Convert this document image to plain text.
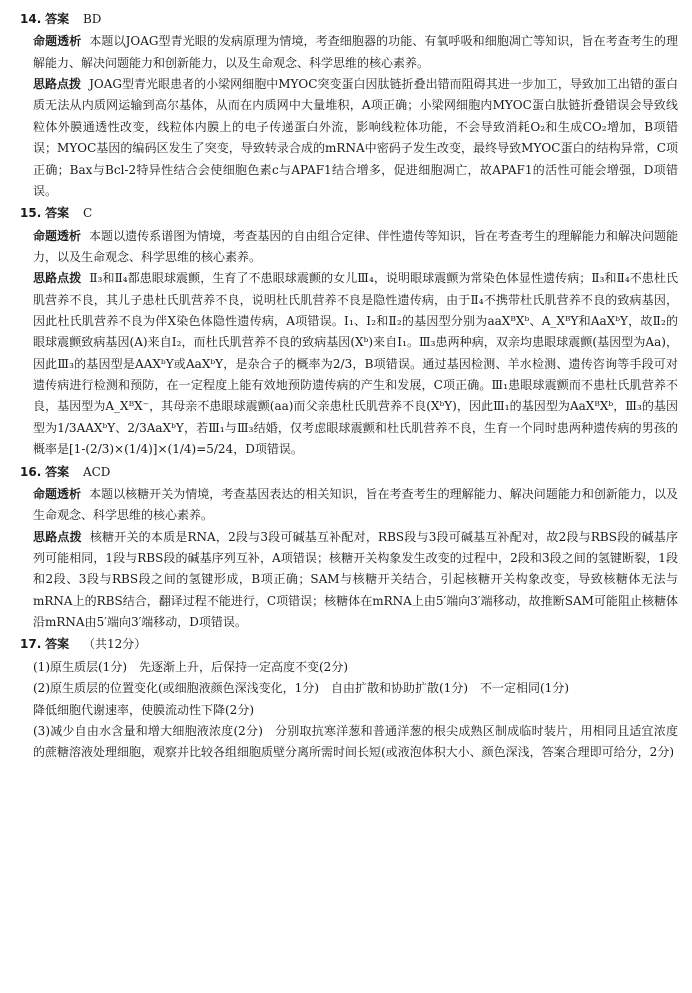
14. 答案 BD
命题透析 本题以JOAG型青光眼的发病原理为情境，考查细胞器的功能、有氧呼吸和细胞凋亡等知识，旨在考查考生的理解能力、解决问题能力和创新能力，以及生命观念、科学思维的核心素养。
思路点拨 JOAG型青光眼患者的小梁网细胞中MYOC突变蛋白因肽链折叠出错而阻碍其进一步加工，导致加工出错的蛋白质无法从内质网运输到高尔基体，从而在内质网中大量堆积，A项正确；小梁网细胞内MYOC蛋白肽链折叠错误会导致线粒体外膜通透性改变，线粒体内膜上的电子传递蛋白外流，影响线粒体功能，不会导致消耗O₂和生成CO₂增加，B项错误；MYOC基因的编码区发生了突变，导致转录合成的mRNA中密码子发生改变，最终导致MYOC蛋白的结构异常，C项正确；Bax与Bcl-2特异性结合会使细胞色素c与APAF1结合增多，促进细胞凋亡，故APAF1的活性可能会增强，D项错误。
15. 答案 C
命题透析 本题以遗传系谱图为情境，考查基因的自由组合定律、伴性遗传等知识，旨在考查考生的理解能力和解决问题能力，以及生命观念、科学思维的核心素养。
思路点拨 Ⅱ₃和Ⅱ₄都患眼球震颤，生育了不患眼球震颤的女儿Ⅲ₄，说明眼球震颤为常染色体显性遗传病；Ⅱ₃和Ⅱ₄不患杜氏肌营养不良，其儿子患杜氏肌营养不良，说明杜氏肌营养不良是隐性遗传病，由于Ⅱ₄不携带杜氏肌营养不良的致病基因，因此杜氏肌营养不良为伴X染色体隐性遗传病，A项错误。Ⅰ₁、Ⅰ₂和Ⅱ₂的基因型分别为aaXᴮXᵇ、A_XᴮY和AaXᵇY，故Ⅱ₂的眼球震颤致病基因(A)来自Ⅰ₂，而杜氏肌营养不良的致病基因(Xᵇ)来自Ⅰ₁。Ⅲ₃患两种病，双亲均患眼球震颤(基因型为Aa)，因此Ⅲ₃的基因型是AAXᵇY或AaXᵇY，是杂合子的概率为2/3，B项错误。通过基因检测、羊水检测、遗传咨询等手段可对遗传病进行检测和预防，在一定程度上能有效地预防遗传病的产生和发展，C项正确。Ⅲ₁患眼球震颤而不患杜氏肌营养不良，基因型为A_XᴮX⁻，其母亲不患眼球震颤(aa)而父亲患杜氏肌营养不良(XᵇY)，因此Ⅲ₁的基因型为AaXᴮXᵇ，Ⅲ₃的基因型为1/3AAXᵇY、2/3AaXᵇY，若Ⅲ₁与Ⅲ₃结婚，仅考虑眼球震颤和杜氏肌营养不良，生育一个同时患两种遗传病的男孩的概率是[1-(2/3)×(1/4)]×(1/4)=5/24，D项错误。
16. 答案 ACD
命题透析 本题以核糖开关为情境，考查基因表达的相关知识，旨在考查考生的理解能力、解决问题能力和创新能力，以及生命观念、科学思维的核心素养。
思路点拨 核糖开关的本质是RNA，2段与3段可碱基互补配对，RBS段与3段可碱基互补配对，故2段与RBS段的碱基序列可能相同，1段与RBS段的碱基序列互补，A项错误；核糖开关构象发生改变的过程中，2段和3段之间的氢键断裂，1段和2段、3段与RBS段之间的氢键形成，B项正确；SAM与核糖开关结合，引起核糖开关构象改变，导致核糖体无法与mRNA上的RBS结合，翻译过程不能进行，C项错误；核糖体在mRNA上由5′端向3′端移动，故推断SAM可能阻止核糖体沿mRNA由5′端向3′端移动，D项错误。
17. 答案 （共12分）
(1)原生质层(1分)  先逐渐上升，后保持一定高度不变(2分)
(2)原生质层的位置变化(或细胞液颜色深浅变化，1分)  自由扩散和协助扩散(1分)  不一定相同(1分)
降低细胞代谢速率，使膜流动性下降(2分)
(3)减少自由水含量和增大细胞液浓度(2分)  分别取抗寒洋葱和普通洋葱的根尖成熟区制成临时装片，用相同且适宜浓度的蔗糖溶液处理细胞，观察并比较各组细胞质壁分离所需时间长短(或液泡体积大小、颜色深浅，答案合理即可给分，2分)
